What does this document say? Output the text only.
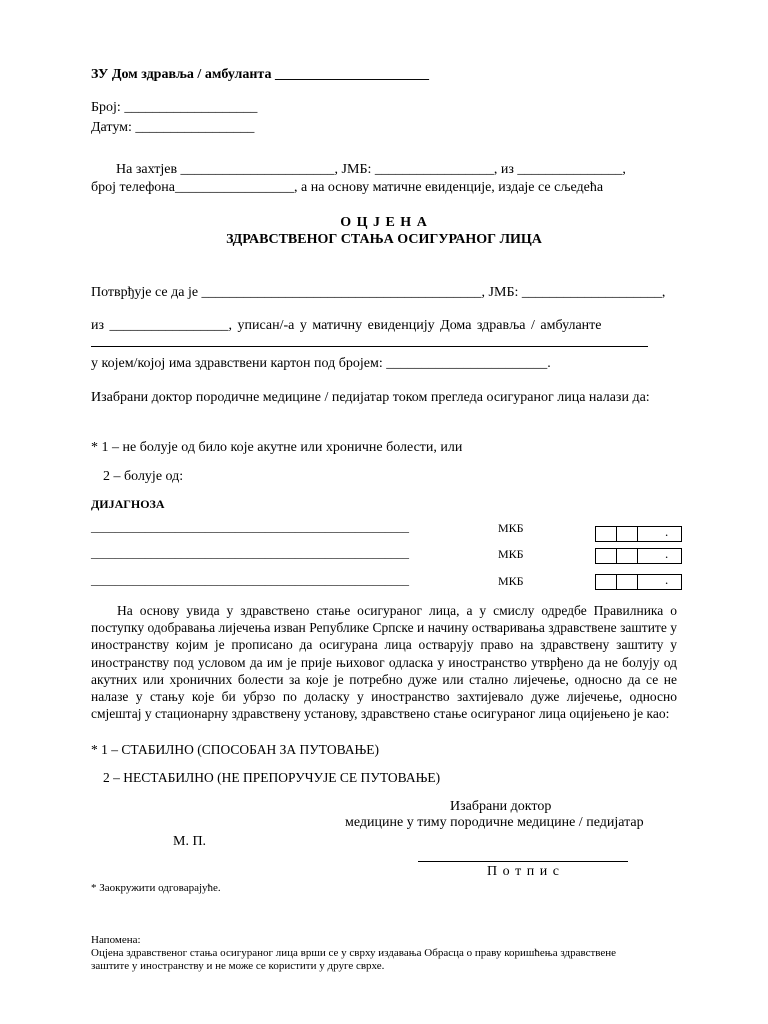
ЗУ Дом здравља / амбуланта ______________________
Број: ___________________
Датум: _________________
На захтјев ______________________, ЈМБ: _________________, из _______________,
број телефона_________________, а на основу матичне евиденције, издаје се сљедећа
О Ц Ј Е Н А
ЗДРАВСТВЕНОГ СТАЊА ОСИГУРАНОГ ЛИЦА
Потврђује се да је ________________________________________, ЈМБ: ____________________,
из _________________, уписан/-а у матичну евиденцију Дома здравља / амбуланте
у којем/којој има здравствени картон под бројем: _______________________.
Изабрани доктор породичне медицине / педијатар током прегледа осигураног лица налази да:
* 1 – не болује од било које акутне или хроничне болести, или
2 – болује од:
ДИЈАГНОЗА
_____________________________________________________	МКБ	.
_____________________________________________________	МКБ	.
_____________________________________________________	МКБ	.
На основу увида у здравствено стање осигураног лица, а у смислу одредбе Правилника о поступку одобравања лијечења изван Републике Српске и начину остваривања здравствене заштите у иностранству којим је прописано да осигурана лица остварују право на здравствену заштиту у иностранству под условом да им је прије њиховог одласка у иностранство утврђено да не болују од акутних или хроничних болести за које је потребно дуже или стално лијечење, односно да се не налазе у стању које би убрзо по доласку у иностранство захтијевало дуже лијечење, односно смјештај у стационарну здравствену установу, здравствено стање осигураног лица оцијењено је као:
* 1 – СТАБИЛНО (СПОСОБАН ЗА ПУТОВАЊЕ)
2 – НЕСТАБИЛНО (НЕ ПРЕПОРУЧУЈЕ СЕ ПУТОВАЊЕ)
Изабрани доктор
медицине у тиму породичне медицине / педијатар
М. П.
П о т п и с
* Заокружити одговарајуће.
Напомена:
Оцјена здравственог стања осигураног лица врши се у сврху издавања Обрасца о праву коришћења здравствене
заштите у иностранству и не може се користити у друге сврхе.
